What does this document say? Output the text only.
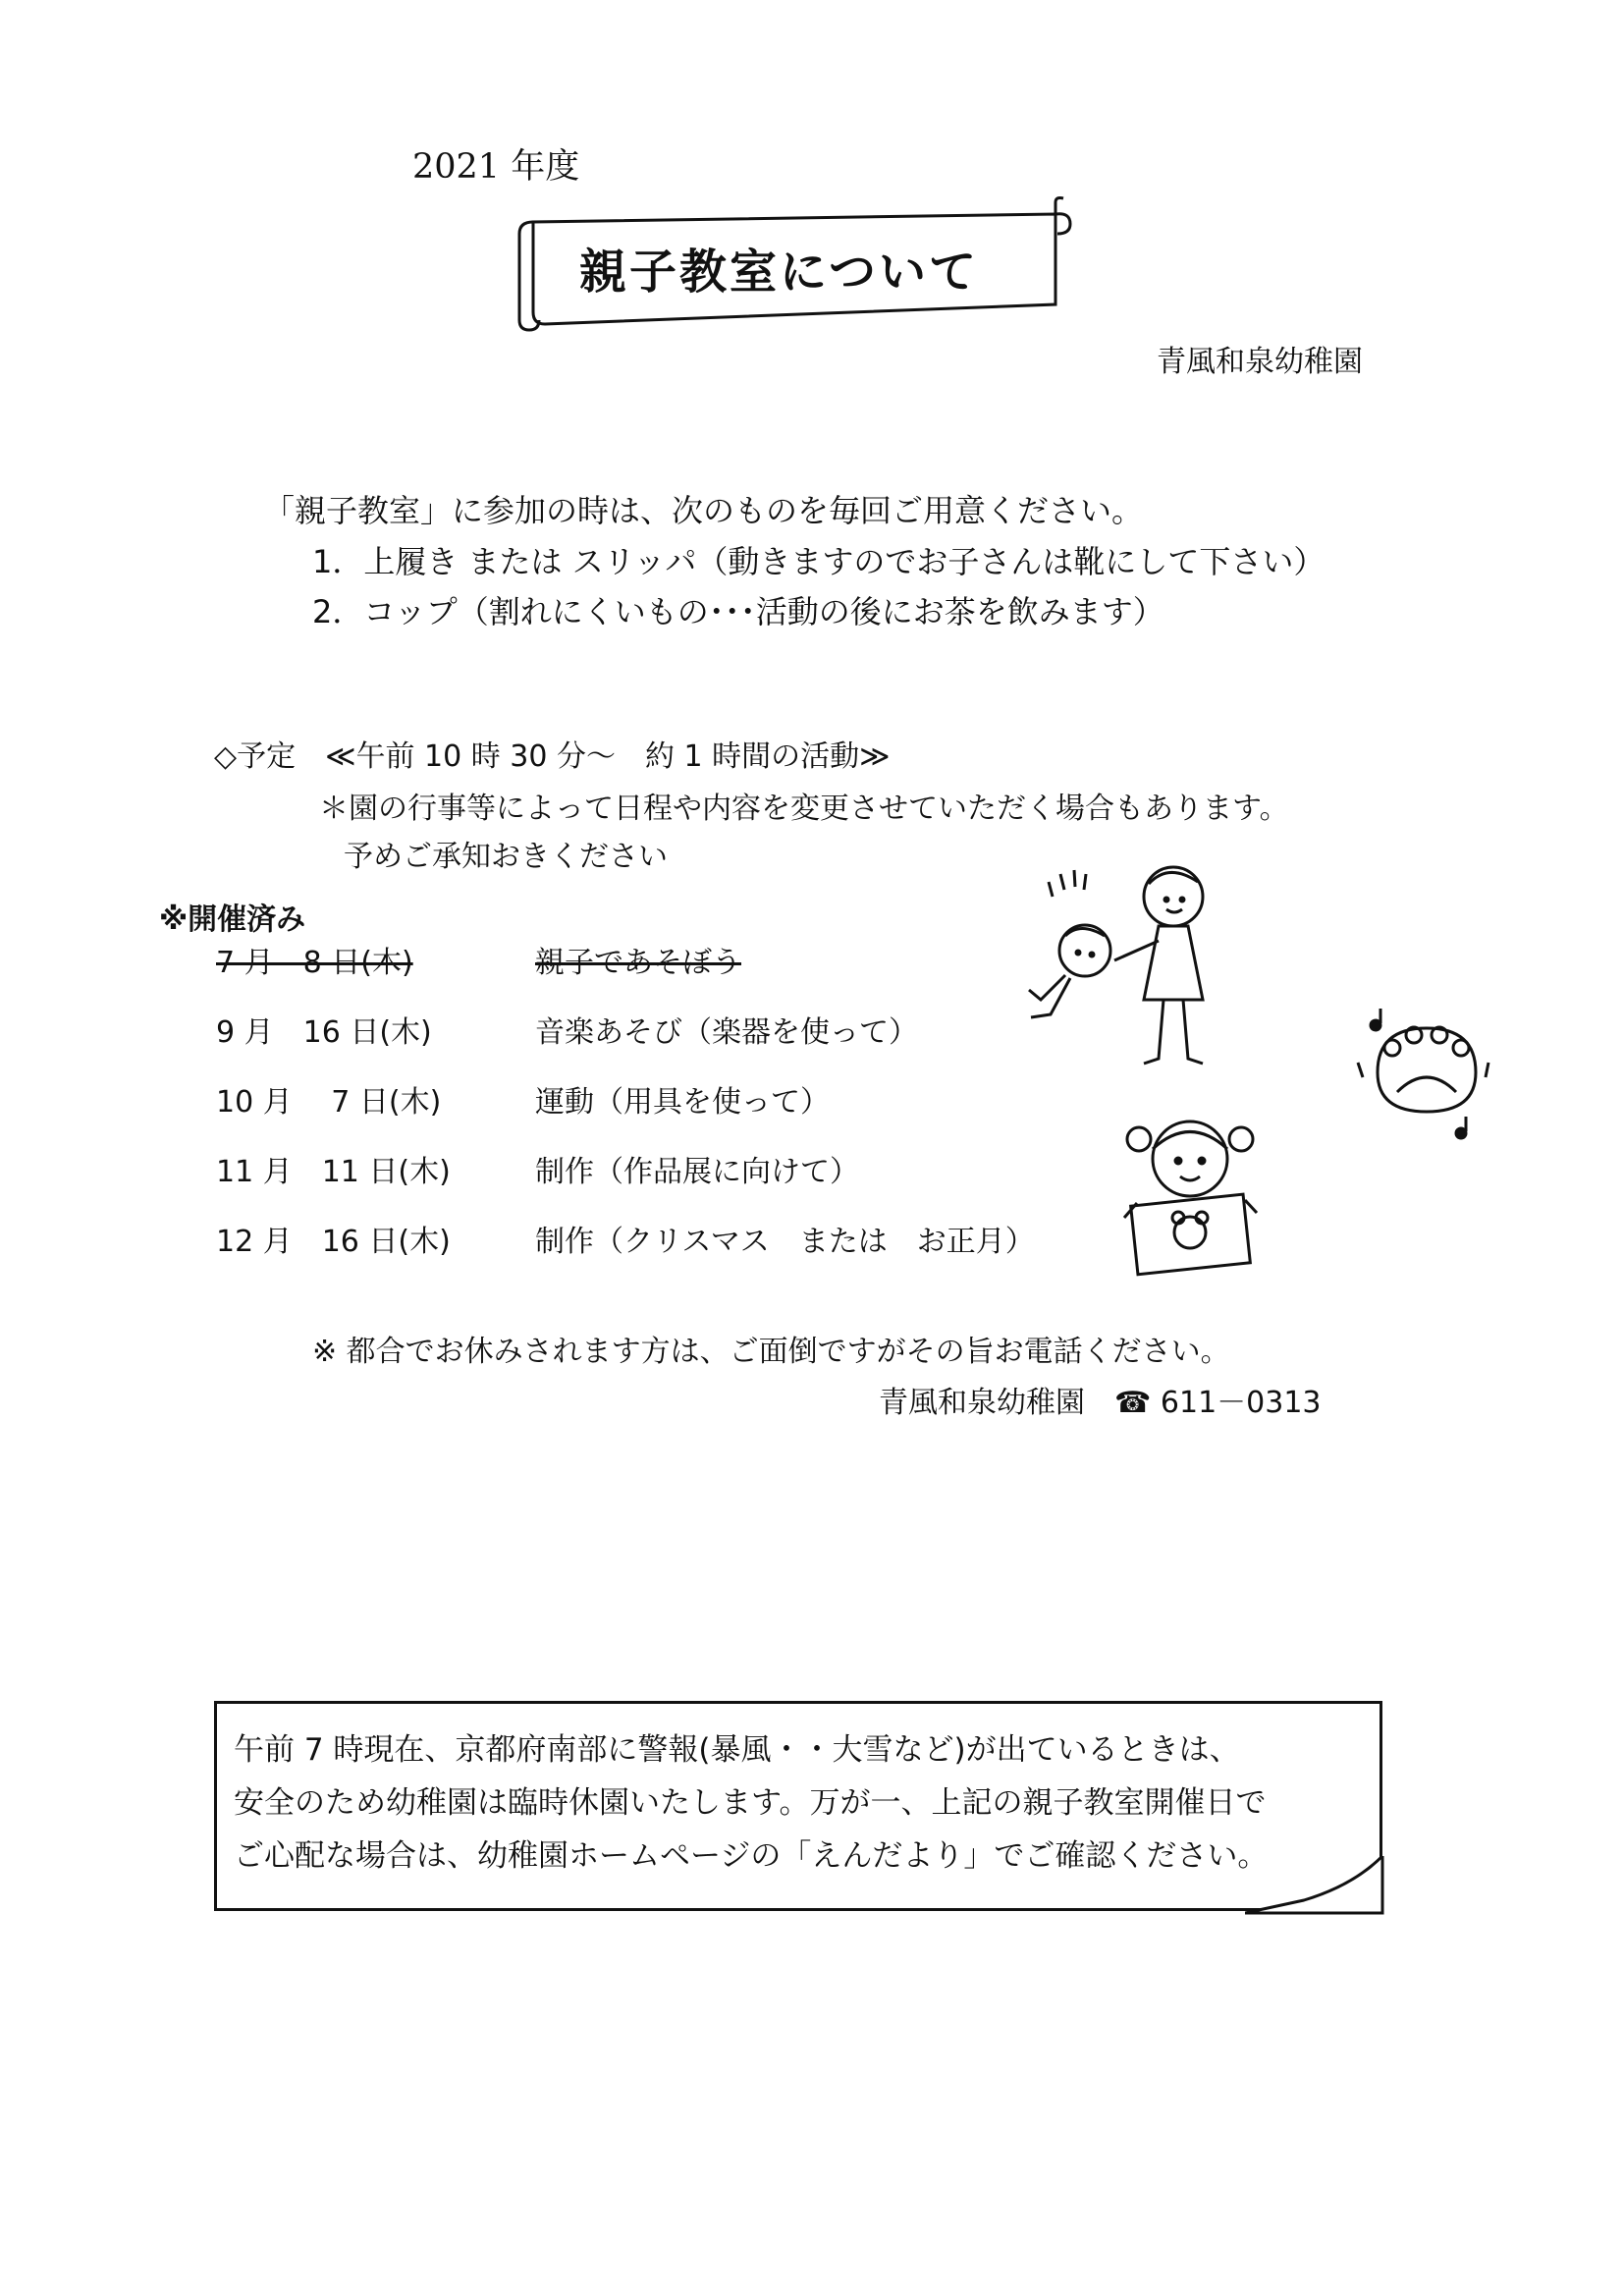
2021 年度
親子教室について
青風和泉幼稚園
「親子教室」に参加の時は、次のものを毎回ご用意ください。
1．上履き または スリッパ（動きますのでお子さんは靴にして下さい）
2．コップ（割れにくいもの･･･活動の後にお茶を飲みます）
◇予定　≪午前 10 時 30 分～　約 1 時間の活動≫
＊園の行事等によって日程や内容を変更させていただく場合もあります。
予めご承知おきください
※開催済み
7 月　8 日(木)	親子であそぼう
9 月　16 日(木)	音楽あそび（楽器を使って）
10 月　 7 日(木)	運動（用具を使って）
11 月　11 日(木)	制作（作品展に向けて）
12 月　16 日(木)	制作（クリスマス　または　お正月）
※ 都合でお休みされます方は、ご面倒ですがその旨お電話ください。
青風和泉幼稚園　☎ 611－0313
午前 7 時現在、京都府南部に警報(暴風・・大雪など)が出ているときは、
安全のため幼稚園は臨時休園いたします。万が一、上記の親子教室開催日で
ご心配な場合は、幼稚園ホームページの「えんだより」でご確認ください。
